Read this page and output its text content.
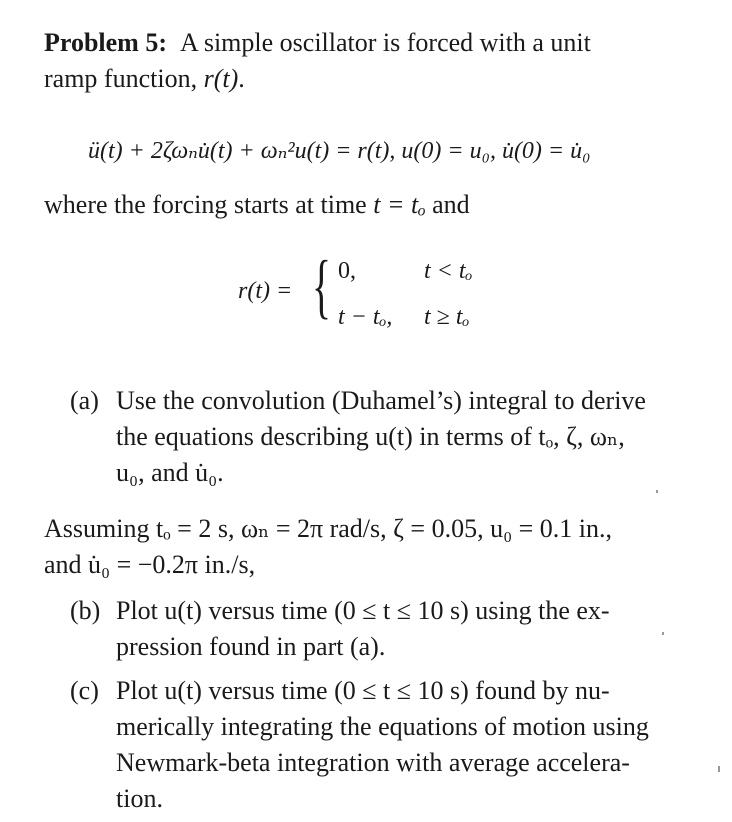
Problem 5: A simple oscillator is forced with a unit
ramp function, r(t).
ü(t) + 2ζωₙu̇(t) + ωₙ²u(t) = r(t), u(0) = u₀, u̇(0) = u̇₀
where the forcing starts at time t = tₒ and
r(t) = { 0,	t < tₒ
t − tₒ, t ≥ tₒ
(a) Use the convolution (Duhamel’s) integral to derive
the equations describing u(t) in terms of tₒ, ζ, ωₙ,
u₀, and u̇₀.
Assuming tₒ = 2 s, ωₙ = 2π rad/s, ζ = 0.05, u₀ = 0.1 in.,
and u̇₀ = −0.2π in./s,
(b) Plot u(t) versus time (0 ≤ t ≤ 10 s) using the ex-
pression found in part (a).
(c) Plot u(t) versus time (0 ≤ t ≤ 10 s) found by nu-
merically integrating the equations of motion using
Newmark-beta integration with average accelera-
tion.
